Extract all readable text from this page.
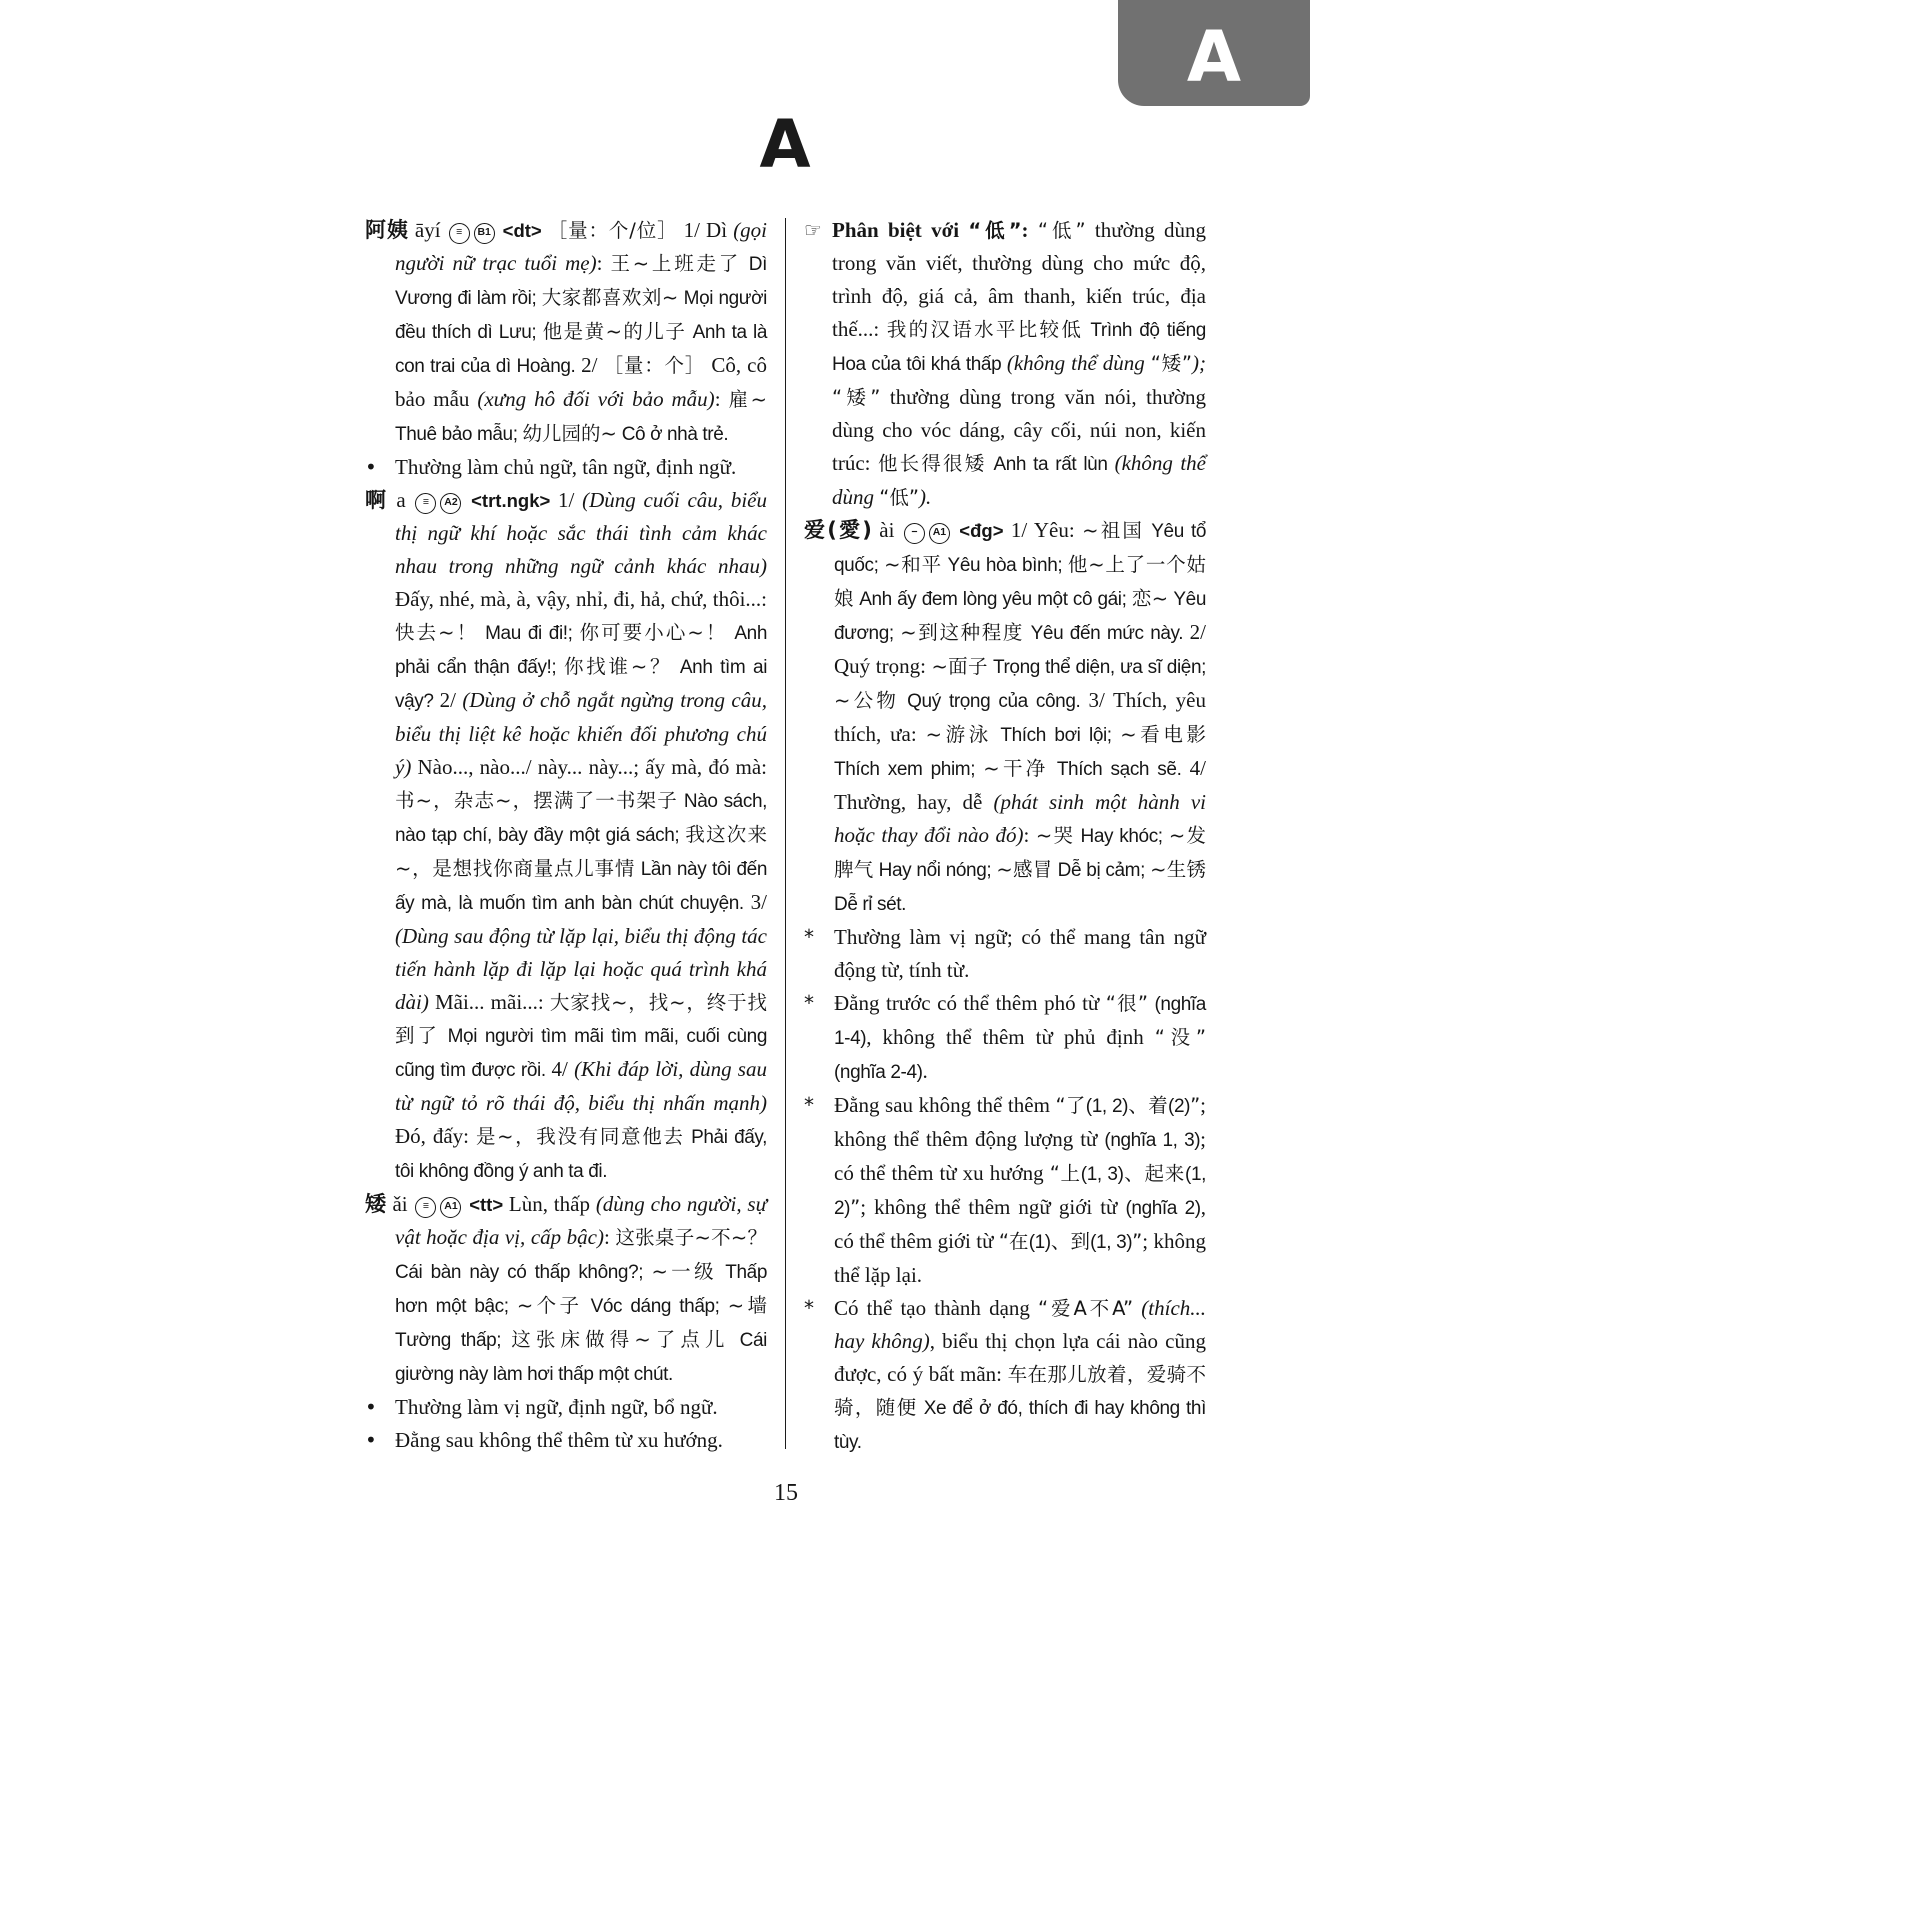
A
A
阿姨 āyí ≡ B1 <dt> ［量：个/位］ 1/ Dì (gọi người nữ trạc tuổi mẹ): 王~上班走了 Dì Vương đi làm rồi; 大家都喜欢刘~ Mọi người đều thích dì Lưu; 他是黄~的儿子 Anh ta là con trai của dì Hoàng. 2/ ［量：个］ Cô, cô bảo mẫu (xưng hô đối với bảo mẫu): 雇~ Thuê bảo mẫu; 幼儿园的~ Cô ở nhà trẻ.
• Thường làm chủ ngữ, tân ngữ, định ngữ.
啊 a ≡ A2 <trt.ngk> 1/ (Dùng cuối câu, biểu thị ngữ khí hoặc sắc thái tình cảm khác nhau trong những ngữ cảnh khác nhau) Đấy, nhé, mà, à, vậy, nhỉ, đi, hả, chứ, thôi...: 快去~！ Mau đi đi!; 你可要小心~！ Anh phải cẩn thận đấy!; 你找谁~？ Anh tìm ai vậy? 2/ (Dùng ở chỗ ngắt ngừng trong câu, biểu thị liệt kê hoặc khiến đối phương chú ý) Nào..., nào.../ này... này...; ấy mà, đó mà: 书~，杂志~，摆满了一书架子 Nào sách, nào tạp chí, bày đầy một giá sách; 我这次来~，是想找你商量点儿事情 Lần này tôi đến ấy mà, là muốn tìm anh bàn chút chuyện. 3/ (Dùng sau động từ lặp lại, biểu thị động tác tiến hành lặp đi lặp lại hoặc quá trình khá dài) Mãi... mãi...: 大家找~，找~，终于找到了 Mọi người tìm mãi tìm mãi, cuối cùng cũng tìm được rồi. 4/ (Khi đáp lời, dùng sau từ ngữ tỏ rõ thái độ, biểu thị nhấn mạnh) Đó, đấy: 是~，我没有同意他去 Phải đấy, tôi không đồng ý anh ta đi.
矮 ǎi ≡ A1 <tt> Lùn, thấp (dùng cho người, sự vật hoặc địa vị, cấp bậc): 这张桌子~不~？ Cái bàn này có thấp không?; ~一级 Thấp hơn một bậc; ~个子 Vóc dáng thấp; ~墙 Tường thấp; 这张床做得~了点儿 Cái giường này làm hơi thấp một chút.
• Thường làm vị ngữ, định ngữ, bổ ngữ.
• Đằng sau không thể thêm từ xu hướng.
☞ Phân biệt với “低”: “低” thường dùng trong văn viết, thường dùng cho mức độ, trình độ, giá cả, âm thanh, kiến trúc, địa thế...: 我的汉语水平比较低 Trình độ tiếng Hoa của tôi khá thấp (không thể dùng “矮”); “矮” thường dùng trong văn nói, thường dùng cho vóc dáng, cây cối, núi non, kiến trúc: 他长得很矮 Anh ta rất lùn (không thể dùng “低”).
爱(愛) ài − A1 <đg> 1/ Yêu: ~祖国 Yêu tổ quốc; ~和平 Yêu hòa bình; 他~上了一个姑娘 Anh ấy đem lòng yêu một cô gái; 恋~ Yêu đương; ~到这种程度 Yêu đến mức này. 2/ Quý trọng: ~面子 Trọng thể diện, ưa sĩ diện; ~公物 Quý trọng của công. 3/ Thích, yêu thích, ưa: ~游泳 Thích bơi lội; ~看电影 Thích xem phim; ~干净 Thích sạch sẽ. 4/ Thường, hay, dễ (phát sinh một hành vi hoặc thay đổi nào đó): ~哭 Hay khóc; ~发脾气 Hay nổi nóng; ~感冒 Dễ bị cảm; ~生锈 Dễ rỉ sét.
* Thường làm vị ngữ; có thể mang tân ngữ động từ, tính từ.
* Đằng trước có thể thêm phó từ “很” (nghĩa 1-4), không thể thêm từ phủ định “没” (nghĩa 2-4).
* Đằng sau không thể thêm “了(1, 2)、着(2)”; không thể thêm động lượng từ (nghĩa 1, 3); có thể thêm từ xu hướng “上(1, 3)、起来(1, 2)”; không thể thêm ngữ giới từ (nghĩa 2), có thể thêm giới từ “在(1)、到(1, 3)”; không thể lặp lại.
* Có thể tạo thành dạng “爱A不A” (thích... hay không), biểu thị chọn lựa cái nào cũng được, có ý bất mãn: 车在那儿放着，爱骑不骑，随便 Xe để ở đó, thích đi hay không thì tùy.
15
